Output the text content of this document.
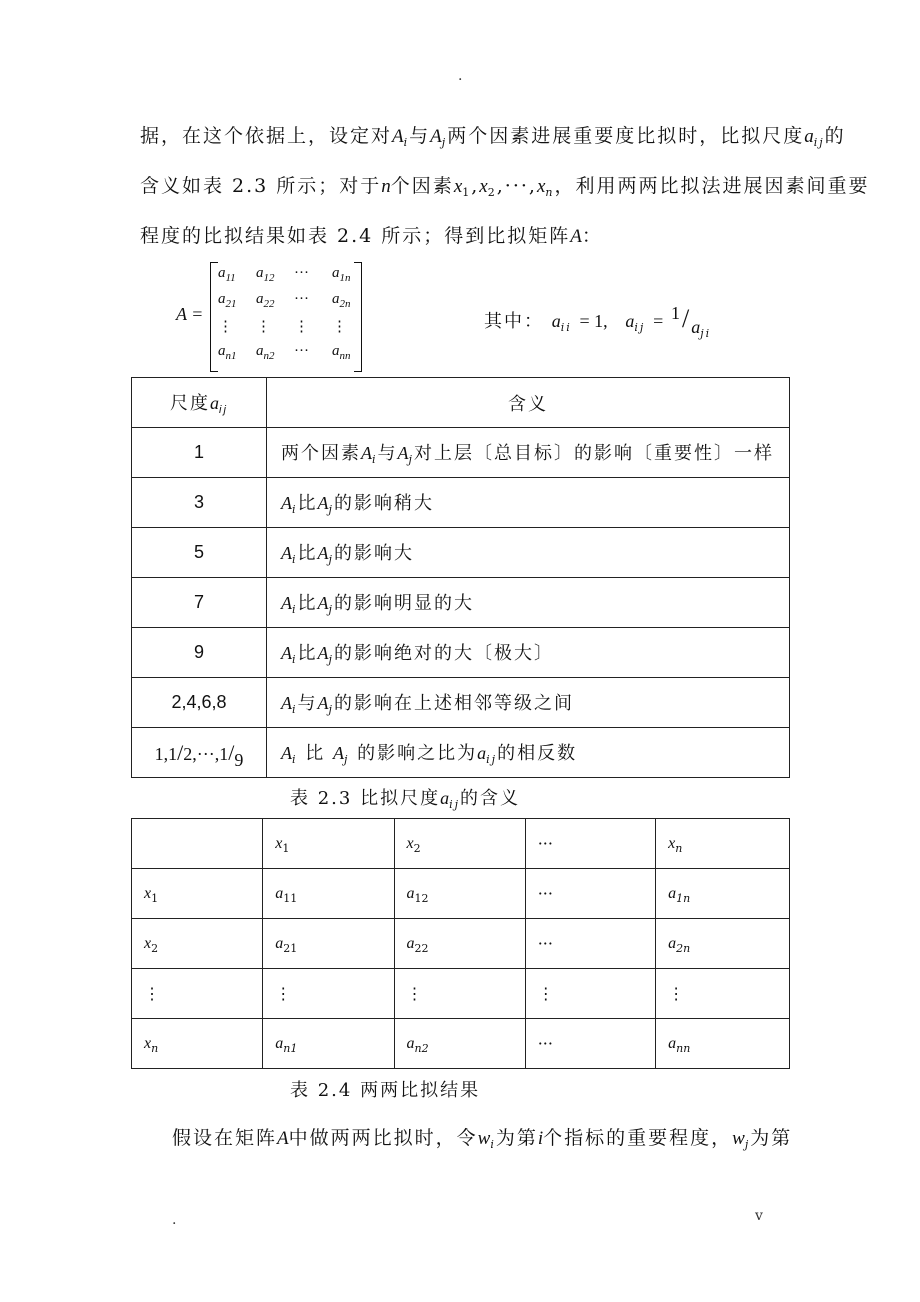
.
据，在这个依据上，设定对$A_i$与$A_j$两个因素进展重要度比拟时，比拟尺度$a_{ij}$的
含义如表 2.3 所示；对于n个因素$x_1,x_2,\cdot\cdot\cdot,x_n$，利用两两比拟法进展因素间重要
程度的比拟结果如表 2.4 所示；得到比拟矩阵A：
A =
$a_{11}$ $a_{12}$ ··· $a_{1n}$
$a_{21}$ $a_{22}$ ··· $a_{2n}$
⋮ ⋮ ⋮ ⋮
$a_{n1}$ $a_{n2}$ ··· $a_{nn}$
其中： $a_{ii} = 1$, $a_{ij} = 1/a_{ji}$
尺度$a_{ij}$	含义
1	两个因素$A_i$与$A_j$对上层〔总目标〕的影响〔重要性〕一样
3	$A_i$比$A_j$的影响稍大
5	$A_i$比$A_j$的影响大
7	$A_i$比$A_j$的影响明显的大
9	$A_i$比$A_j$的影响绝对的大〔极大〕
2,4,6,8	$A_i$与$A_j$的影响在上述相邻等级之间
1,1/2,···,1/9	$A_i$ 比 $A_j$ 的影响之比为$a_{ij}$的相反数
表 2.3 比拟尺度$a_{ij}$的含义
	$x_1$	$x_2$	···	$x_n$
$x_1$	$a_{11}$	$a_{12}$	···	$a_{1n}$
$x_2$	$a_{21}$	$a_{22}$	···	$a_{2n}$
⋮	⋮	⋮	⋮	⋮
$x_n$	$a_{n1}$	$a_{n2}$	···	$a_{nn}$
表 2.4 两两比拟结果
假设在矩阵A中做两两比拟时，令$w_i$为第i个指标的重要程度，$w_j$为第
.	v
